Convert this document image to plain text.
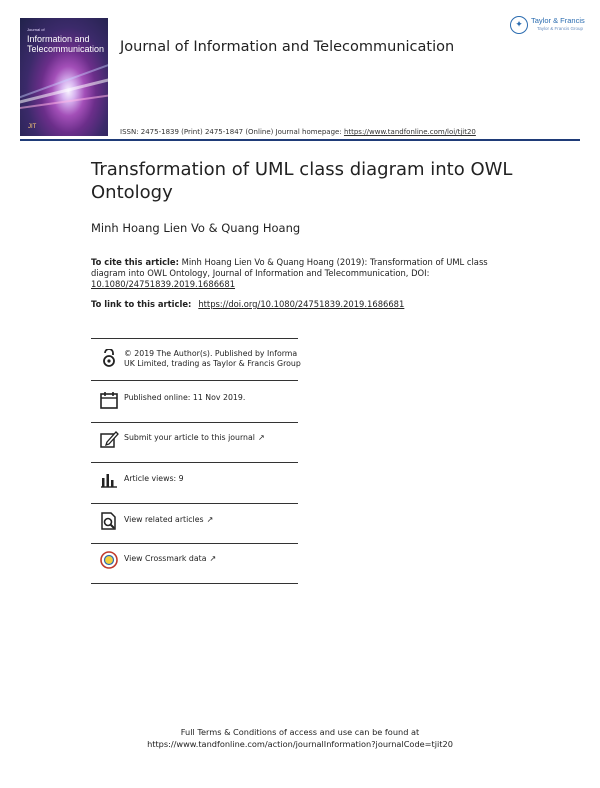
Journal of
Information and
Telecommunication
JIT
Journal of Information and Telecommunication
✦	Taylor & Francis
Taylor & Francis Group
ISSN: 2475-1839 (Print) 2475-1847 (Online) Journal homepage: https://www.tandfonline.com/loi/tjit20
Transformation of UML class diagram into OWL Ontology
Minh Hoang Lien Vo & Quang Hoang
To cite this article: Minh Hoang Lien Vo & Quang Hoang (2019): Transformation of UML class diagram into OWL Ontology, Journal of Information and Telecommunication, DOI: 10.1080/24751839.2019.1686681
To link to this article: https://doi.org/10.1080/24751839.2019.1686681
© 2019 The Author(s). Published by Informa UK Limited, trading as Taylor & Francis Group
Published online: 11 Nov 2019.
Submit your article to this journal ↗
Article views: 9
View related articles ↗
View Crossmark data ↗
Full Terms & Conditions of access and use can be found at
https://www.tandfonline.com/action/journalInformation?journalCode=tjit20
